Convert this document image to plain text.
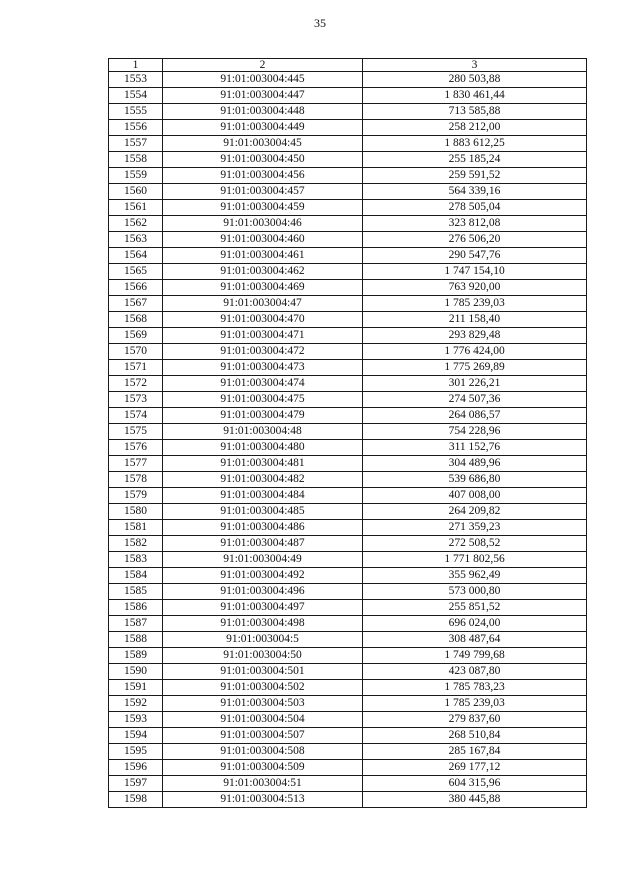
35
1	2	3
1553	91:01:003004:445	280 503,88
1554	91:01:003004:447	1 830 461,44
1555	91:01:003004:448	713 585,88
1556	91:01:003004:449	258 212,00
1557	91:01:003004:45	1 883 612,25
1558	91:01:003004:450	255 185,24
1559	91:01:003004:456	259 591,52
1560	91:01:003004:457	564 339,16
1561	91:01:003004:459	278 505,04
1562	91:01:003004:46	323 812,08
1563	91:01:003004:460	276 506,20
1564	91:01:003004:461	290 547,76
1565	91:01:003004:462	1 747 154,10
1566	91:01:003004:469	763 920,00
1567	91:01:003004:47	1 785 239,03
1568	91:01:003004:470	211 158,40
1569	91:01:003004:471	293 829,48
1570	91:01:003004:472	1 776 424,00
1571	91:01:003004:473	1 775 269,89
1572	91:01:003004:474	301 226,21
1573	91:01:003004:475	274 507,36
1574	91:01:003004:479	264 086,57
1575	91:01:003004:48	754 228,96
1576	91:01:003004:480	311 152,76
1577	91:01:003004:481	304 489,96
1578	91:01:003004:482	539 686,80
1579	91:01:003004:484	407 008,00
1580	91:01:003004:485	264 209,82
1581	91:01:003004:486	271 359,23
1582	91:01:003004:487	272 508,52
1583	91:01:003004:49	1 771 802,56
1584	91:01:003004:492	355 962,49
1585	91:01:003004:496	573 000,80
1586	91:01:003004:497	255 851,52
1587	91:01:003004:498	696 024,00
1588	91:01:003004:5	308 487,64
1589	91:01:003004:50	1 749 799,68
1590	91:01:003004:501	423 087,80
1591	91:01:003004:502	1 785 783,23
1592	91:01:003004:503	1 785 239,03
1593	91:01:003004:504	279 837,60
1594	91:01:003004:507	268 510,84
1595	91:01:003004:508	285 167,84
1596	91:01:003004:509	269 177,12
1597	91:01:003004:51	604 315,96
1598	91:01:003004:513	380 445,88
